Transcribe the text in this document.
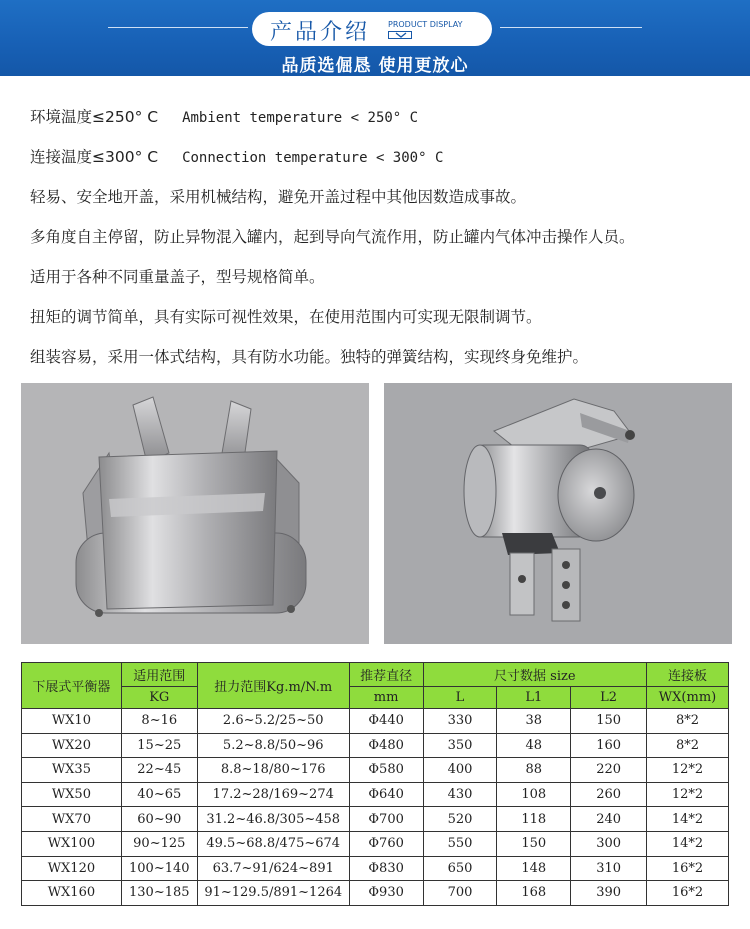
产品介绍 PRODUCT DISPLAY
品质选倔恳 使用更放心
环境温度≤250° C Ambient temperature < 250° C
连接温度≤300° C Connection temperature < 300° C
轻易、安全地开盖，采用机械结构，避免开盖过程中其他因数造成事故。
多角度自主停留，防止异物混入罐内，起到导向气流作用，防止罐内气体冲击操作人员。
适用于各种不同重量盖子，型号规格简单。
扭矩的调节简单，具有实际可视性效果，在使用范围内可实现无限制调节。
组装容易，采用一体式结构，具有防水功能。独特的弹簧结构，实现终身免维护。
下展式平衡器	适用范围	扭力范围Kg.m/N.m	推荐直径	尺寸数据 size			连接板
	KG		mm	L	L1	L2	WX(mm)
WX10	8~16	2.6~5.2/25~50	Φ440	330	38	150	8*2
WX20	15~25	5.2~8.8/50~96	Φ480	350	48	160	8*2
WX35	22~45	8.8~18/80~176	Φ580	400	88	220	12*2
WX50	40~65	17.2~28/169~274	Φ640	430	108	260	12*2
WX70	60~90	31.2~46.8/305~458	Φ700	520	118	240	14*2
WX100	90~125	49.5~68.8/475~674	Φ760	550	150	300	14*2
WX120	100~140	63.7~91/624~891	Φ830	650	148	310	16*2
WX160	130~185	91~129.5/891~1264	Φ930	700	168	390	16*2
